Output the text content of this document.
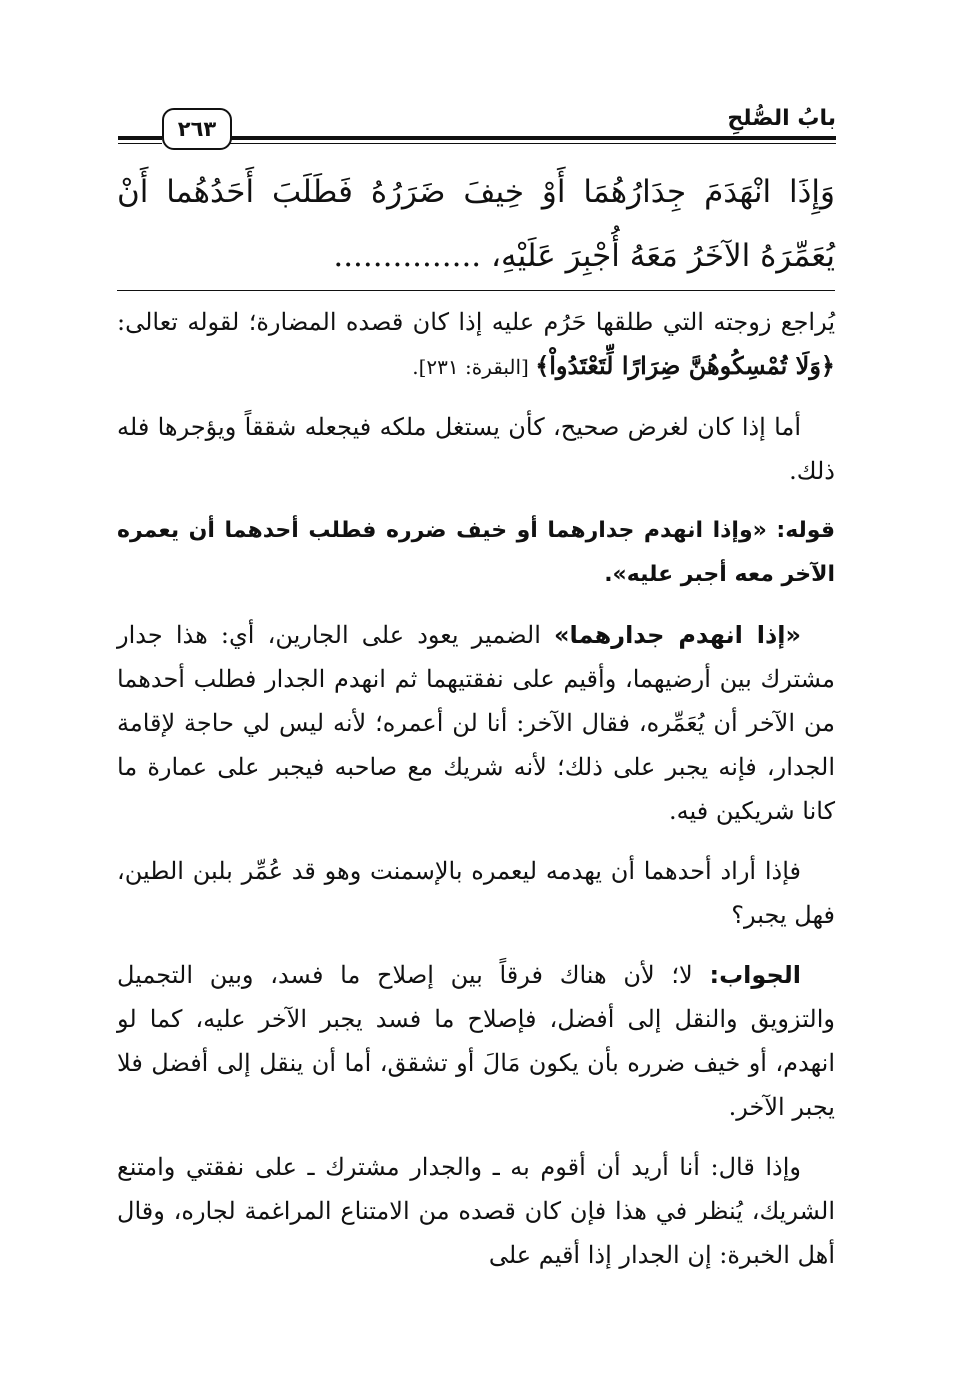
بابُ الصُّلحِ
٢٦٣
وَإِذَا انْهَدَمَ جِدَارُهُمَا أَوْ خِيفَ ضَرَرُهُ فَطَلَبَ أَحَدُهُما أَنْ يُعَمِّرَهُ الآخَرُ مَعَهُ أُجْبِرَ عَلَيْهِ، ...............

يُراجع زوجته التي طلقها حَرُم عليه إذا كان قصده المضارة؛ لقوله تعالى: ﴿وَلَا تُمْسِكُوهُنَّ ضِرَارًا لِّتَعْتَدُواْ﴾ [البقرة: ٢٣١].

أما إذا كان لغرض صحيح، كأن يستغل ملكه فيجعله شققاً ويؤجرها فله ذلك.

قوله: «وإذا انهدم جدارهما أو خيف ضرره فطلب أحدهما أن يعمره الآخر معه أجبر عليه».

«إذا انهدم جدارهما» الضمير يعود على الجارين، أي: هذا جدار مشترك بين أرضيهما، وأقيم على نفقتيهما ثم انهدم الجدار فطلب أحدهما من الآخر أن يُعَمِّره، فقال الآخر: أنا لن أعمره؛ لأنه ليس لي حاجة لإقامة الجدار، فإنه يجبر على ذلك؛ لأنه شريك مع صاحبه فيجبر على عمارة ما كانا شريكين فيه.

فإذا أراد أحدهما أن يهدمه ليعمره بالإسمنت وهو قد عُمِّر بلبن الطين، فهل يجبر؟

الجواب: لا؛ لأن هناك فرقاً بين إصلاح ما فسد، وبين التجميل والتزويق والنقل إلى أفضل، فإصلاح ما فسد يجبر الآخر عليه، كما لو انهدم، أو خيف ضرره بأن يكون مَالَ أو تشقق، أما أن ينقل إلى أفضل فلا يجبر الآخر.

وإذا قال: أنا أريد أن أقوم به ـ والجدار مشترك ـ على نفقتي وامتنع الشريك، يُنظر في هذا فإن كان قصده من الامتناع المراغمة لجاره، وقال أهل الخبرة: إن الجدار إذا أقيم على
